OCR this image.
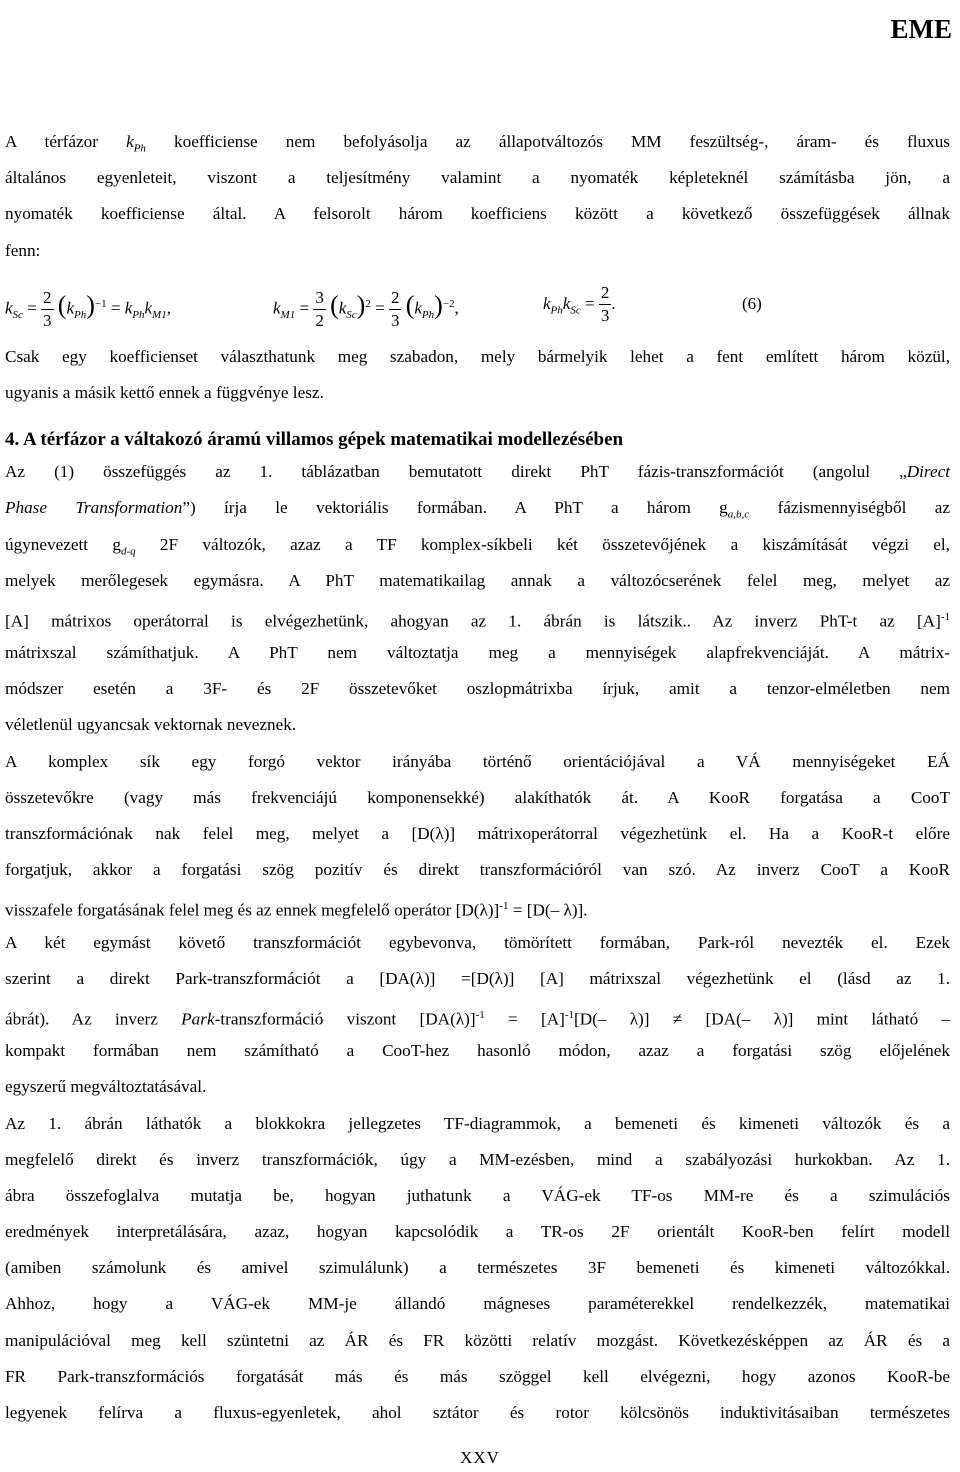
EME
A térfázor $k_{Ph}$ koefficiense nem befolyásolja az állapotváltozós MM feszültség-, áram- és fluxus
általános egyenleteit, viszont a teljesítmény valamint a nyomaték képleteknél számításba jön, a
nyomaték koefficiense által. A felsorolt három koefficiens között a következő összefüggések állnak
fenn:
$k_{Sc} = \frac{2}{3} (k_{Ph})^{-1} = k_{Ph}k_{M1}$,	$k_{M1} = \frac{3}{2} (k_{Sc})^2 = \frac{2}{3} (k_{Ph})^{-2}$,	$k_{Ph}k_{Sc} = \frac{2}{3}$ .	(6)
Csak egy koefficienset választhatunk meg szabadon, mely bármelyik lehet a fent említett három közül,
ugyanis a másik kettő ennek a függvénye lesz.
4. A térfázor a váltakozó áramú villamos gépek matematikai modellezésében
Az (1) összefüggés az 1. táblázatban bemutatott direkt PhT fázis-transzformációt (angolul „Direct
Phase Transformation”) írja le vektoriális formában. A PhT a három $g_{a,b,c}$ fázismennyiségből az
úgynevezett $g_{d-q}$ 2F változók, azaz a TF komplex-síkbeli két összetevőjének a kiszámítását végzi el,
melyek merőlegesek egymásra. A PhT matematikailag annak a változócserének felel meg, melyet az
[A] mátrixos operátorral is elvégezhetünk, ahogyan az 1. ábrán is látszik.. Az inverz PhT-t az $[A]^{-1}$
mátrixszal számíthatjuk. A PhT nem változtatja meg a mennyiségek alapfrekvenciáját. A mátrix-
módszer esetén a 3F- és 2F összetevőket oszlopmátrixba írjuk, amit a tenzor-elméletben nem
véletlenül ugyancsak vektornak neveznek.
A komplex sík egy forgó vektor irányába történő orientációjával a VÁ mennyiségeket EÁ
összetevőkre (vagy más frekvenciájú komponensekké) alakíthatók át. A KooR forgatása a CooT
transzformációnak nak felel meg, melyet a [D(λ)] mátrixoperátorral végezhetünk el. Ha a KooR-t előre
forgatjuk, akkor a forgatási szög pozitív és direkt transzformációról van szó. Az inverz CooT a KooR
visszafele forgatásának felel meg és az ennek megfelelő operátor $[D(\lambda)]^{-1} = [D(-$ λ)].
A két egymást követő transzformációt egybevonva, tömörített formában, Park-ról nevezték el. Ezek
szerint a direkt Park-transzformációt a [DA(λ)] =[D(λ)] [A] mátrixszal végezhetünk el (lásd az 1.
ábrát). Az inverz Park-transzformáció viszont $[DA(\lambda)]^{-1} = [A]^{-1}[D(-$ λ)] ≠ [DA(– λ)] mint látható –
kompakt formában nem számítható a CooT-hez hasonló módon, azaz a forgatási szög előjelének
egyszerű megváltoztatásával.
Az 1. ábrán láthatók a blokkokra jellegzetes TF-diagrammok, a bemeneti és kimeneti változók és a
megfelelő direkt és inverz transzformációk, úgy a MM-ezésben, mind a szabályozási hurkokban. Az 1.
ábra összefoglalva mutatja be, hogyan juthatunk a VÁG-ek TF-os MM-re és a szimulációs
eredmények interpretálására, azaz, hogyan kapcsolódik a TR-os 2F orientált KooR-ben felírt modell
(amiben számolunk és amivel szimulálunk) a természetes 3F bemeneti és kimeneti változókkal.
Ahhoz, hogy a VÁG-ek MM-je állandó mágneses paraméterekkel rendelkezzék, matematikai
manipulációval meg kell szüntetni az ÁR és FR közötti relatív mozgást. Következésképpen az ÁR és a
FR Park-transzformációs forgatását más és más szöggel kell elvégezni, hogy azonos KooR-be
legyenek felírva a fluxus-egyenletek, ahol sztátor és rotor kölcsönös induktivitásaiban természetes
XXV
